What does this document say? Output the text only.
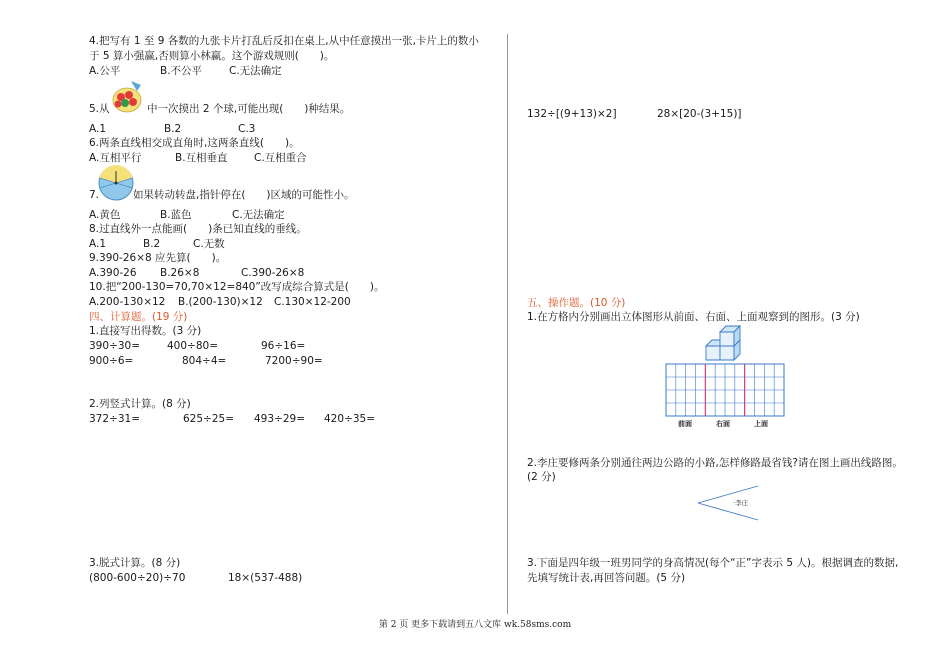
4.把写有 1 至 9 各数的九张卡片打乱后反扣在桌上,从中任意摸出一张,卡片上的数小
于 5 算小强赢,否则算小林赢。这个游戏规则(　　)。
A.公平	B.不公平	C.无法确定
5.从	中一次摸出 2 个球,可能出现(　　)种结果。
A.1	B.2	C.3
6.两条直线相交成直角时,这两条直线(　　)。
A.互相平行	B.互相垂直	C.互相重合
7.	如果转动转盘,指针停在(　　)区域的可能性小。
A.黄色	B.蓝色	C.无法确定
8.过直线外一点能画(　　)条已知直线的垂线。
A.1	B.2	C.无数
9.390-26×8 应先算(　　)。
A.390-26 B.26×8	C.390-26×8
10.把“200-130=70,70×12=840”改写成综合算式是(　　)。
A.200-130×12 B.(200-130)×12 C.130×12-200
四、计算题。(19 分)
1.直接写出得数。(3 分)
390÷30=	400÷80=	96÷16=
900÷6=	804÷4=	7200÷90=
2.列竖式计算。(8 分)
372÷31=	625÷25= 493÷29= 420÷35=
3.脱式计算。(8 分)
(800-600÷20)÷70	18×(537-488)
132÷[(9+13)×2]	28×[20-(3+15)]
五、操作题。(10 分)
1.在方格内分别画出立体图形从前面、右面、上面观察到的图形。(3 分)
前面	右面	上面
2.李庄要修两条分别通往两边公路的小路,怎样修路最省钱?请在图上画出线路图。
(2 分)
·李庄
3.下面是四年级一班男同学的身高情况(每个“正”字表示 5 人)。根据调查的数据,
先填写统计表,再回答问题。(5 分)
第 2 页 更多下载请到五八文库 wk.58sms.com
